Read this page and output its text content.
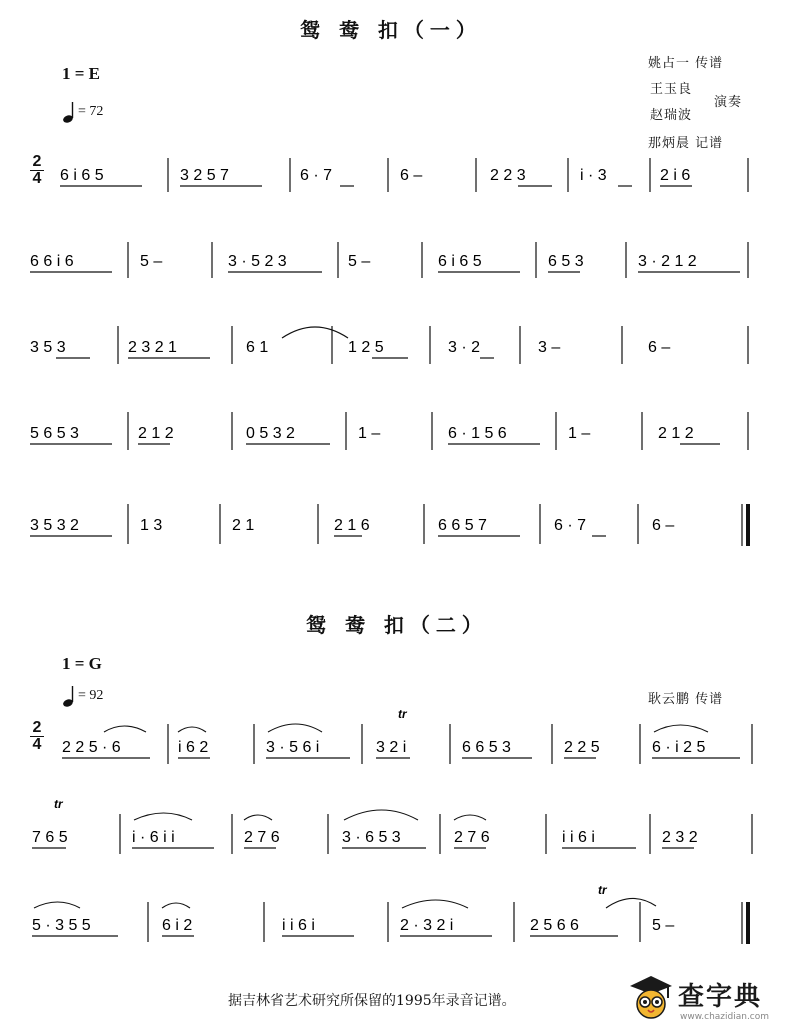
鸳 鸯 扣（一）
1 = E
= 72
姚占一 传谱
王玉良
赵瑞波
演奏
那炳晨 记谱
2
4 6 i 6 5	3 2 5 7	6 · 7	6 –	2 2 3	i · 3	2 i 6
6 6 i 6	5 –	3 · 5 2 3	5 –	6 i 6 5	6 5 3	3 · 2 1 2
3 5 3	2 3 2 1	6 1	1 2 5	3 · 2	3 –	6 –
5 6 5 3	2 1 2	0 5 3 2	1 –	6 · 1 5 6	1 –	2 1 2
3 5 3 2	1 3	2 1	2 1 6	6 6 5 7	6 · 7	6 –
鸳 鸯 扣（二）
1 = G
= 92	耿云鹏 传谱
2
4 2 2 5 · 6	i 6 2	3 · 5 6 i
tr
3 2 i	6 6 5 3	2 2 5	6 · i 2 5
tr
7 6 5	i · 6 i i	2 7 6	3 · 6 5 3	2 7 6	i i 6 i	2 3 2
5 · 3 5 5	6 i 2	i i 6 i	2 · 3 2 i
tr
2 5 6 6	5 –
据吉林省艺术研究所保留的1995年录音记谱。	查字典
www.chazidian.com
